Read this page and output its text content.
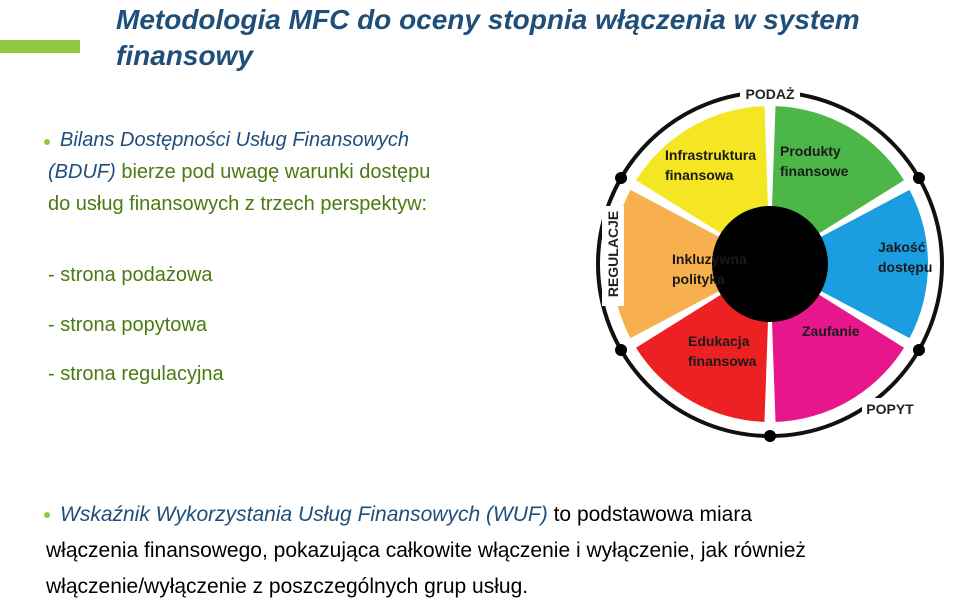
Metodologia MFC do oceny stopnia włączenia w system finansowy
Bilans Dostępności Usług Finansowych
(BDUF) bierze pod uwagę warunki dostępu
do usług finansowych z trzech perspektyw:
- strona podażowa
- strona popytowa
- strona regulacyjna
Infrastruktura finansowa
Produkty finansowe
Jakość dostępu
Zaufanie
Edukacja finansowa
Inkluzywna polityka
PODAŻ
REGULACJE
POPYT
Wskaźnik Wykorzystania Usług Finansowych (WUF) to podstawowa miara
włączenia finansowego, pokazująca całkowite włączenie i wyłączenie, jak również
włączenie/wyłączenie z poszczególnych grup usług.
